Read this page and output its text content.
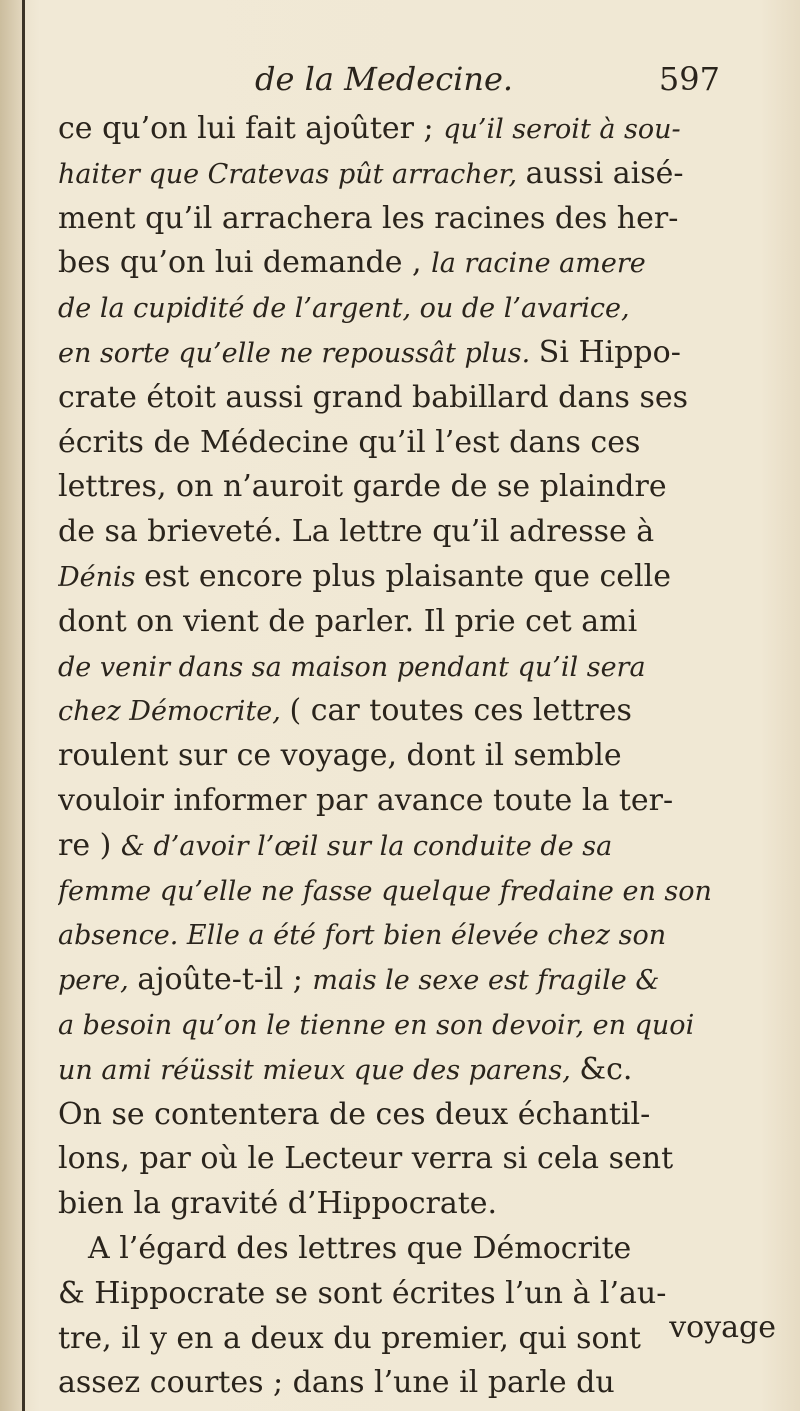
de la Medecine.	597
ce qu’on lui fait ajoûter ; qu’il seroit à sou-
haiter que Cratevas pût arracher, aussi aisé-
ment qu’il arrachera les racines des her-
bes qu’on lui demande , la racine amere
de la cupidité de l’argent, ou de l’avarice,
en sorte qu’elle ne repoussât plus. Si Hippo-
crate étoit aussi grand babillard dans ses
écrits de Médecine qu’il l’est dans ces
lettres, on n’auroit garde de se plaindre
de sa brieveté. La lettre qu’il adresse à
Dénis est encore plus plaisante que celle
dont on vient de parler. Il prie cet ami
de venir dans sa maison pendant qu’il sera
chez Démocrite, ( car toutes ces lettres
roulent sur ce voyage, dont il semble
vouloir informer par avance toute la ter-
re ) & d’avoir l’œil sur la conduite de sa
femme qu’elle ne fasse quelque fredaine en son
absence. Elle a été fort bien élevée chez son
pere, ajoûte-t-il ; mais le sexe est fragile &
a besoin qu’on le tienne en son devoir, en quoi
un ami réüssit mieux que des parens, &c.
On se contentera de ces deux échantil-
lons, par où le Lecteur verra si cela sent
bien la gravité d’Hippocrate.
 A l’égard des lettres que Démocrite
& Hippocrate se sont écrites l’un à l’au-
tre, il y en a deux du premier, qui sont
assez courtes ; dans l’une il parle du
voyage
